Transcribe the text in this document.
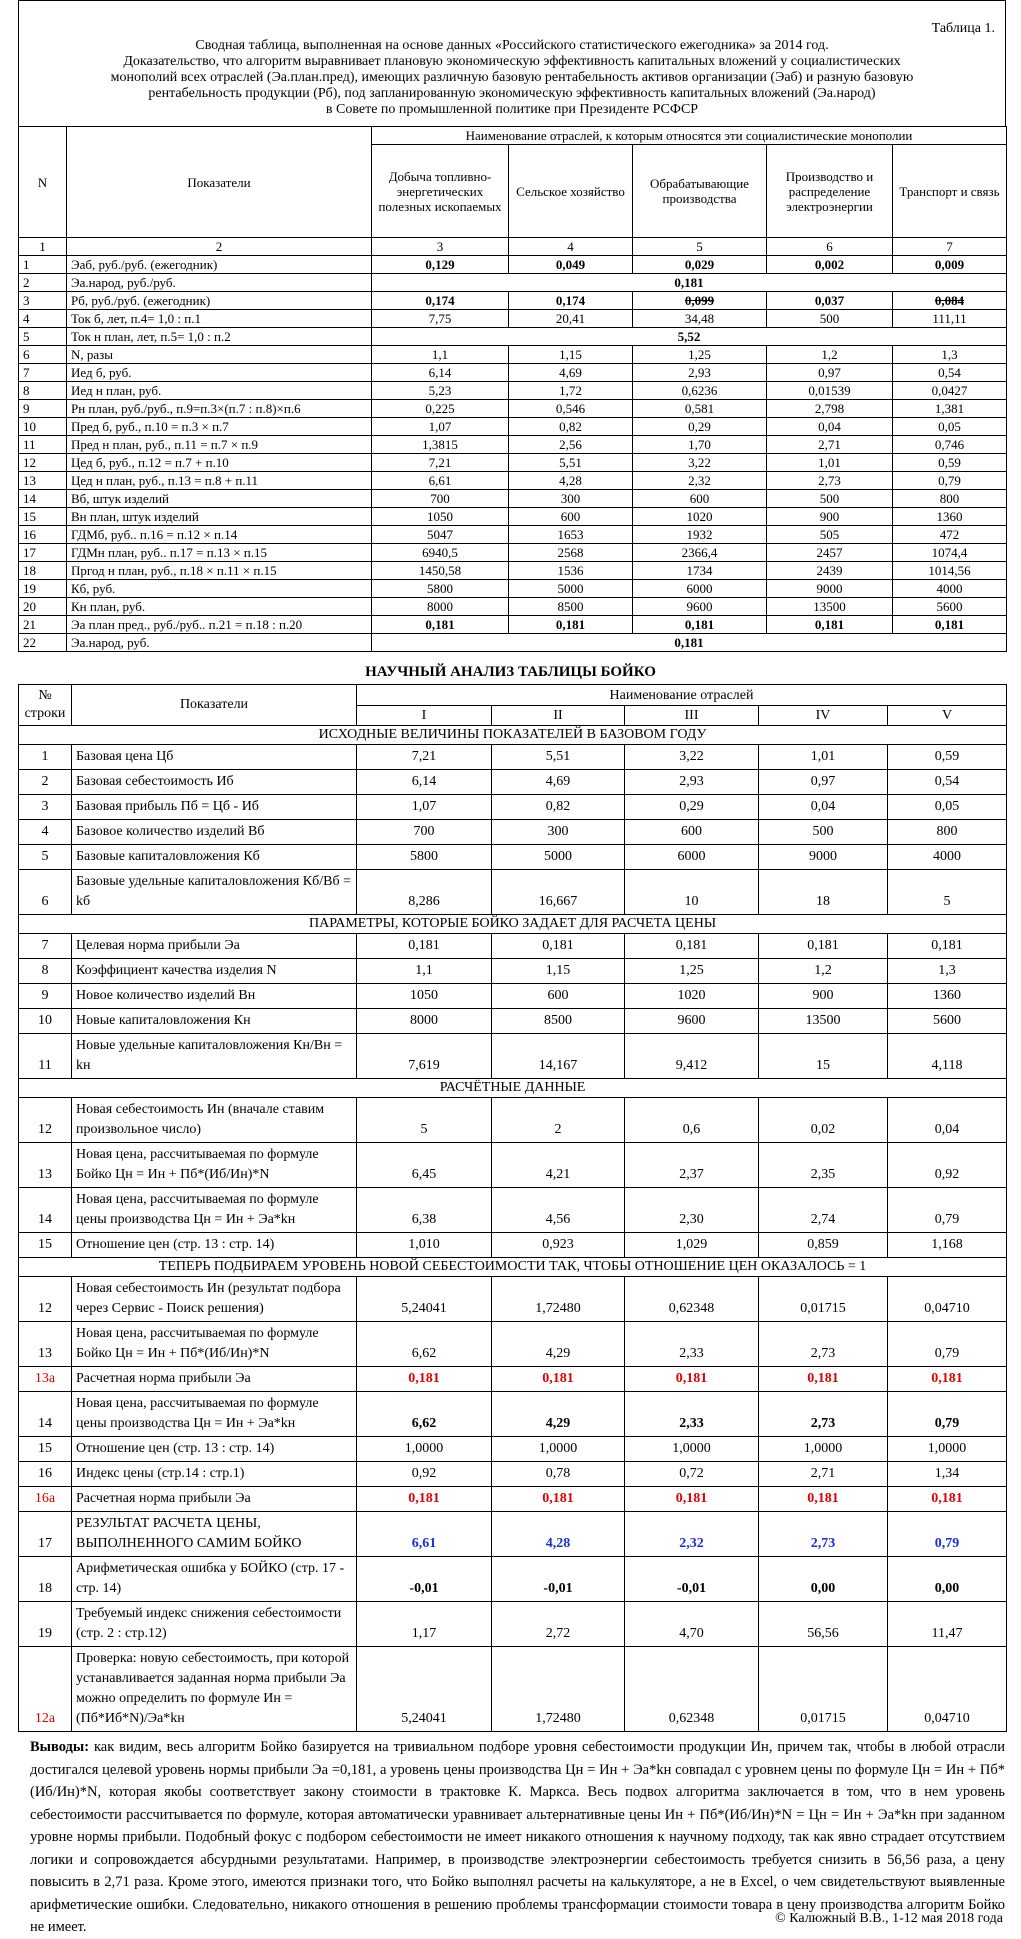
Таблица 1.
Сводная таблица, выполненная на основе данных «Российского статистического ежегодника» за 2014 год.
Доказательство, что алгоритм выравнивает плановую экономическую эффективность капитальных вложений у социалистических
монополий всех отраслей (Эа.план.пред), имеющих различную базовую рентабельность активов организации (Эаб) и разную базовую
рентабельность продукции (Рб), под запланированную экономическую эффективность капитальных вложений (Эа.народ)
в Совете по промышленной политике при Президенте РСФСР
N	Показатели	Наименование отраслей, к которым относятся эти социалистические монополии				
		Добыча топливно-энергетических полезных ископаемых	Сельское хозяйство	Обрабатывающие производства	Производство и распределение электроэнергии	Транспорт и связь
1	2	3	4	5	6	7
1	Эаб, руб./руб. (ежегодник)	0,129	0,049	0,029	0,002	0,009
2	Эа.народ, руб./руб.	0,181				
3	Рб, руб./руб. (ежегодник)	0,174	0,174	0,099	0,037	0,084
4	Ток б, лет, п.4= 1,0 : п.1	7,75	20,41	34,48	500	111,11
5	Ток н план, лет, п.5= 1,0 : п.2	5,52				
6	N, разы	1,1	1,15	1,25	1,2	1,3
7	Иед б, руб.	6,14	4,69	2,93	0,97	0,54
8	Иед н план, руб.	5,23	1,72	0,6236	0,01539	0,0427
9	Рн план, руб./руб., п.9=п.3×(п.7 : п.8)×п.6	0,225	0,546	0,581	2,798	1,381
10	Пред б, руб., п.10 = п.3 × п.7	1,07	0,82	0,29	0,04	0,05
11	Пред н план, руб., п.11 = п.7 × п.9	1,3815	2,56	1,70	2,71	0,746
12	Цед б, руб., п.12 = п.7 + п.10	7,21	5,51	3,22	1,01	0,59
13	Цед н план, руб., п.13 = п.8 + п.11	6,61	4,28	2,32	2,73	0,79
14	Вб, штук изделий	700	300	600	500	800
15	Вн план, штук изделий	1050	600	1020	900	1360
16	ГДМб, руб.. п.16 = п.12 × п.14	5047	1653	1932	505	472
17	ГДМн план, руб.. п.17 = п.13 × п.15	6940,5	2568	2366,4	2457	1074,4
18	Пргод н план, руб., п.18 × п.11 × п.15	1450,58	1536	1734	2439	1014,56
19	Кб, руб.	5800	5000	6000	9000	4000
20	Кн план, руб.	8000	8500	9600	13500	5600
21	Эа план пред., руб./руб.. п.21 = п.18 : п.20	0,181	0,181	0,181	0,181	0,181
22	Эа.народ, руб.	0,181				
НАУЧНЫЙ АНАЛИЗ ТАБЛИЦЫ БОЙКО
№ строки	Показатели	Наименование отраслей				
		I	II	III	IV	V
ИСХОДНЫЕ ВЕЛИЧИНЫ ПОКАЗАТЕЛЕЙ В БАЗОВОМ ГОДУ						
1	Базовая цена Цб	7,21	5,51	3,22	1,01	0,59
2	Базовая себестоимость Иб	6,14	4,69	2,93	0,97	0,54
3	Базовая прибыль Пб = Цб - Иб	1,07	0,82	0,29	0,04	0,05
4	Базовое количество изделий Вб	700	300	600	500	800
5	Базовые капиталовложения Кб	5800	5000	6000	9000	4000
6	Базовые удельные капиталовложения Кб/Вб = kб	8,286	16,667	10	18	5
ПАРАМЕТРЫ, КОТОРЫЕ БОЙКО ЗАДАЕТ ДЛЯ РАСЧЕТА ЦЕНЫ						
7	Целевая норма прибыли Эа	0,181	0,181	0,181	0,181	0,181
8	Коэффициент качества изделия N	1,1	1,15	1,25	1,2	1,3
9	Новое количество изделий Вн	1050	600	1020	900	1360
10	Новые капиталовложения Кн	8000	8500	9600	13500	5600
11	Новые удельные капиталовложения Кн/Вн = kн	7,619	14,167	9,412	15	4,118
РАСЧЁТНЫЕ ДАННЫЕ						
12	Новая себестоимость Ин (вначале ставим произвольное число)	5	2	0,6	0,02	0,04
13	Новая цена, рассчитываемая по формуле Бойко Цн = Ин + Пб*(Иб/Ин)*N	6,45	4,21	2,37	2,35	0,92
14	Новая цена, рассчитываемая по формуле цены производства Цн = Ин + Эа*kн	6,38	4,56	2,30	2,74	0,79
15	Отношение цен (стр. 13 : стр. 14)	1,010	0,923	1,029	0,859	1,168
ТЕПЕРЬ ПОДБИРАЕМ УРОВЕНЬ НОВОЙ СЕБЕСТОИМОСТИ ТАК, ЧТОБЫ ОТНОШЕНИЕ ЦЕН ОКАЗАЛОСЬ = 1						
12	Новая себестоимость Ин (результат подбора через Сервис - Поиск решения)	5,24041	1,72480	0,62348	0,01715	0,04710
13	Новая цена, рассчитываемая по формуле Бойко Цн = Ин + Пб*(Иб/Ин)*N	6,62	4,29	2,33	2,73	0,79
13а	Расчетная норма прибыли Эа	0,181	0,181	0,181	0,181	0,181
14	Новая цена, рассчитываемая по формуле цены производства Цн = Ин + Эа*kн	6,62	4,29	2,33	2,73	0,79
15	Отношение цен (стр. 13 : стр. 14)	1,0000	1,0000	1,0000	1,0000	1,0000
16	Индекс цены (стр.14 : стр.1)	0,92	0,78	0,72	2,71	1,34
16а	Расчетная норма прибыли Эа	0,181	0,181	0,181	0,181	0,181
17	РЕЗУЛЬТАТ РАСЧЕТА ЦЕНЫ, ВЫПОЛНЕННОГО САМИМ БОЙКО	6,61	4,28	2,32	2,73	0,79
18	Арифметическая ошибка у БОЙКО (стр. 17 - стр. 14)	-0,01	-0,01	-0,01	0,00	0,00
19	Требуемый индекс снижения себестоимости (стр. 2 : стр.12)	1,17	2,72	4,70	56,56	11,47
12а	Проверка: новую себестоимость, при которой устанавливается заданная норма прибыли Эа можно определить по формуле Ин = (Пб*Иб*N)/Эа*kн	5,24041	1,72480	0,62348	0,01715	0,04710
Выводы: как видим, весь алгоритм Бойко базируется на тривиальном подборе уровня себестоимости продукции Ин, причем так, чтобы в любой отрасли достигался целевой уровень нормы прибыли Эа =0,181, а уровень цены производства Цн = Ин + Эа*kн совпадал с уровнем цены по формуле Цн = Ин + Пб*(Иб/Ин)*N, которая якобы соответствует закону стоимости в трактовке К. Маркса. Весь подвох алгоритма заключается в том, что в нем уровень себестоимости рассчитывается по формуле, которая автоматически уравнивает альтернативные цены Ин + Пб*(Иб/Ин)*N = Цн = Ин + Эа*kн при заданном уровне нормы прибыли. Подобный фокус с подбором себестоимости не имеет никакого отношения к научному подходу, так как явно страдает отсутствием логики и сопровождается абсурдными результатами. Например, в производстве электроэнергии себестоимость требуется снизить в 56,56 раза, а цену повысить в 2,71 раза. Кроме этого, имеются признаки того, что Бойко выполнял расчеты на калькуляторе, а не в Excel, о чем свидетельствуют выявленные арифметические ошибки. Следовательно, никакого отношения в решению проблемы трансформации стоимости товара в цену производства алгоритм Бойко не имеет.
© Калюжный В.В., 1-12 мая 2018 года
